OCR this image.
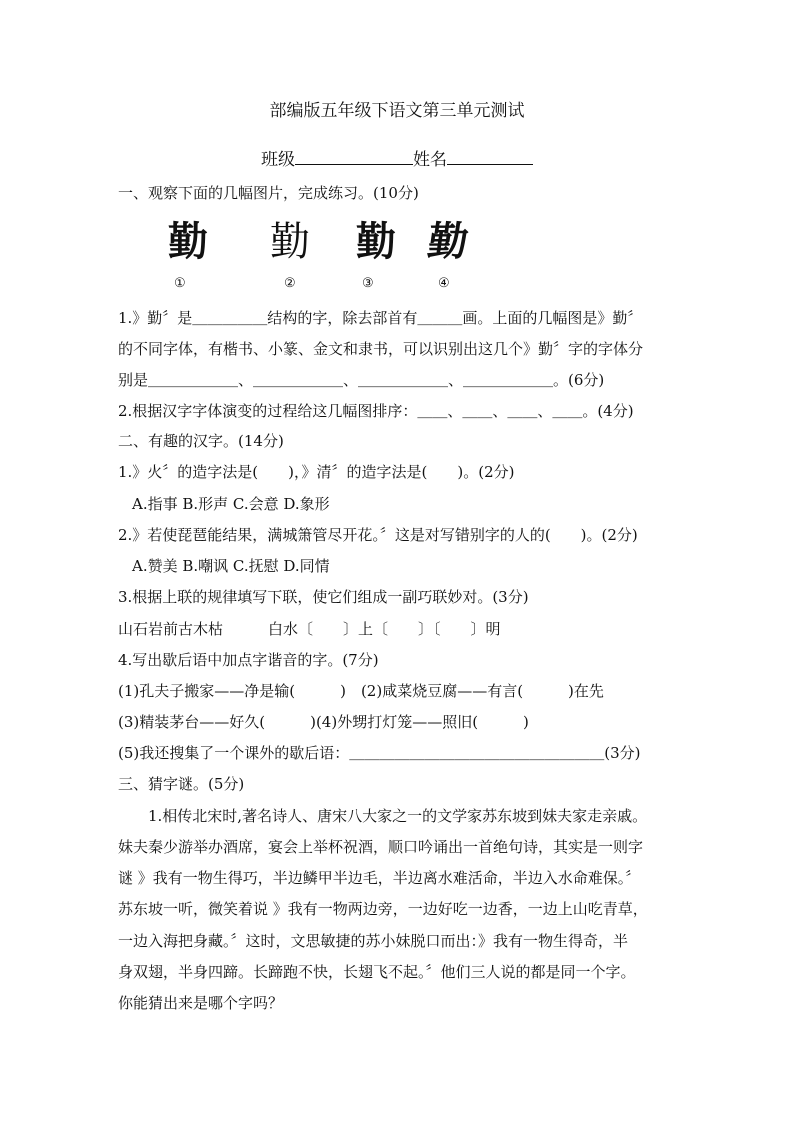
部编版五年级下语文第三单元测试
班级	姓名
一、观察下面的几幅图片，完成练习。(10分)
勤 勤 勤 勤
①	②	③	④
1.》勤〞是＿＿＿＿＿结构的字，除去部首有＿＿＿画。上面的几幅图是》勤〞
的不同字体，有楷书、小篆、金文和隶书，可以识别出这几个》勤〞字的字体分
别是＿＿＿＿＿＿、＿＿＿＿＿＿、＿＿＿＿＿＿、＿＿＿＿＿＿。(6分)
2.根据汉字字体演变的过程给这几幅图排序：＿＿、＿＿、＿＿、＿＿。(4分)
二、有趣的汉字。(14分)
1.》火〞的造字法是(　　)，》清〞的造字法是(　　)。(2分)
A.指事 B.形声 C.会意 D.象形
2.》若使琵琶能结果，满城箫管尽开花。〞这是对写错别字的人的(　　)。(2分)
A.赞美 B.嘲讽 C.抚慰 D.同情
3.根据上联的规律填写下联，使它们组成一副巧联妙对。(3分)
山石岩前古木枯　　　白水〔　　〕上〔　　〕〔　　〕明
4.写出歇后语中加点字谐音的字。(7分)
(1)孔夫子搬家——净是输(　　　)　(2)咸菜烧豆腐——有言(　　　)在先
(3)精装茅台——好久(　　　)(4)外甥打灯笼——照旧(　　　)
(5)我还搜集了一个课外的歇后语：＿＿＿＿＿＿＿＿＿＿＿＿＿＿＿＿＿(3分)
三、猜字谜。(5分)
　　1.相传北宋时,著名诗人、唐宋八大家之一的文学家苏东坡到妹夫家走亲戚。
妹夫秦少游举办酒席，宴会上举杯祝酒，顺口吟诵出一首绝句诗，其实是一则字
谜 》我有一物生得巧，半边鳞甲半边毛，半边离水难活命，半边入水命难保。〞
苏东坡一听，微笑着说 》我有一物两边旁，一边好吃一边香，一边上山吃青草，
一边入海把身藏。〞这时，文思敏捷的苏小妹脱口而出：》我有一物生得奇，半
身双翅，半身四蹄。长蹄跑不快，长翅飞不起。〞他们三人说的都是同一个字。
你能猜出来是哪个字吗？
